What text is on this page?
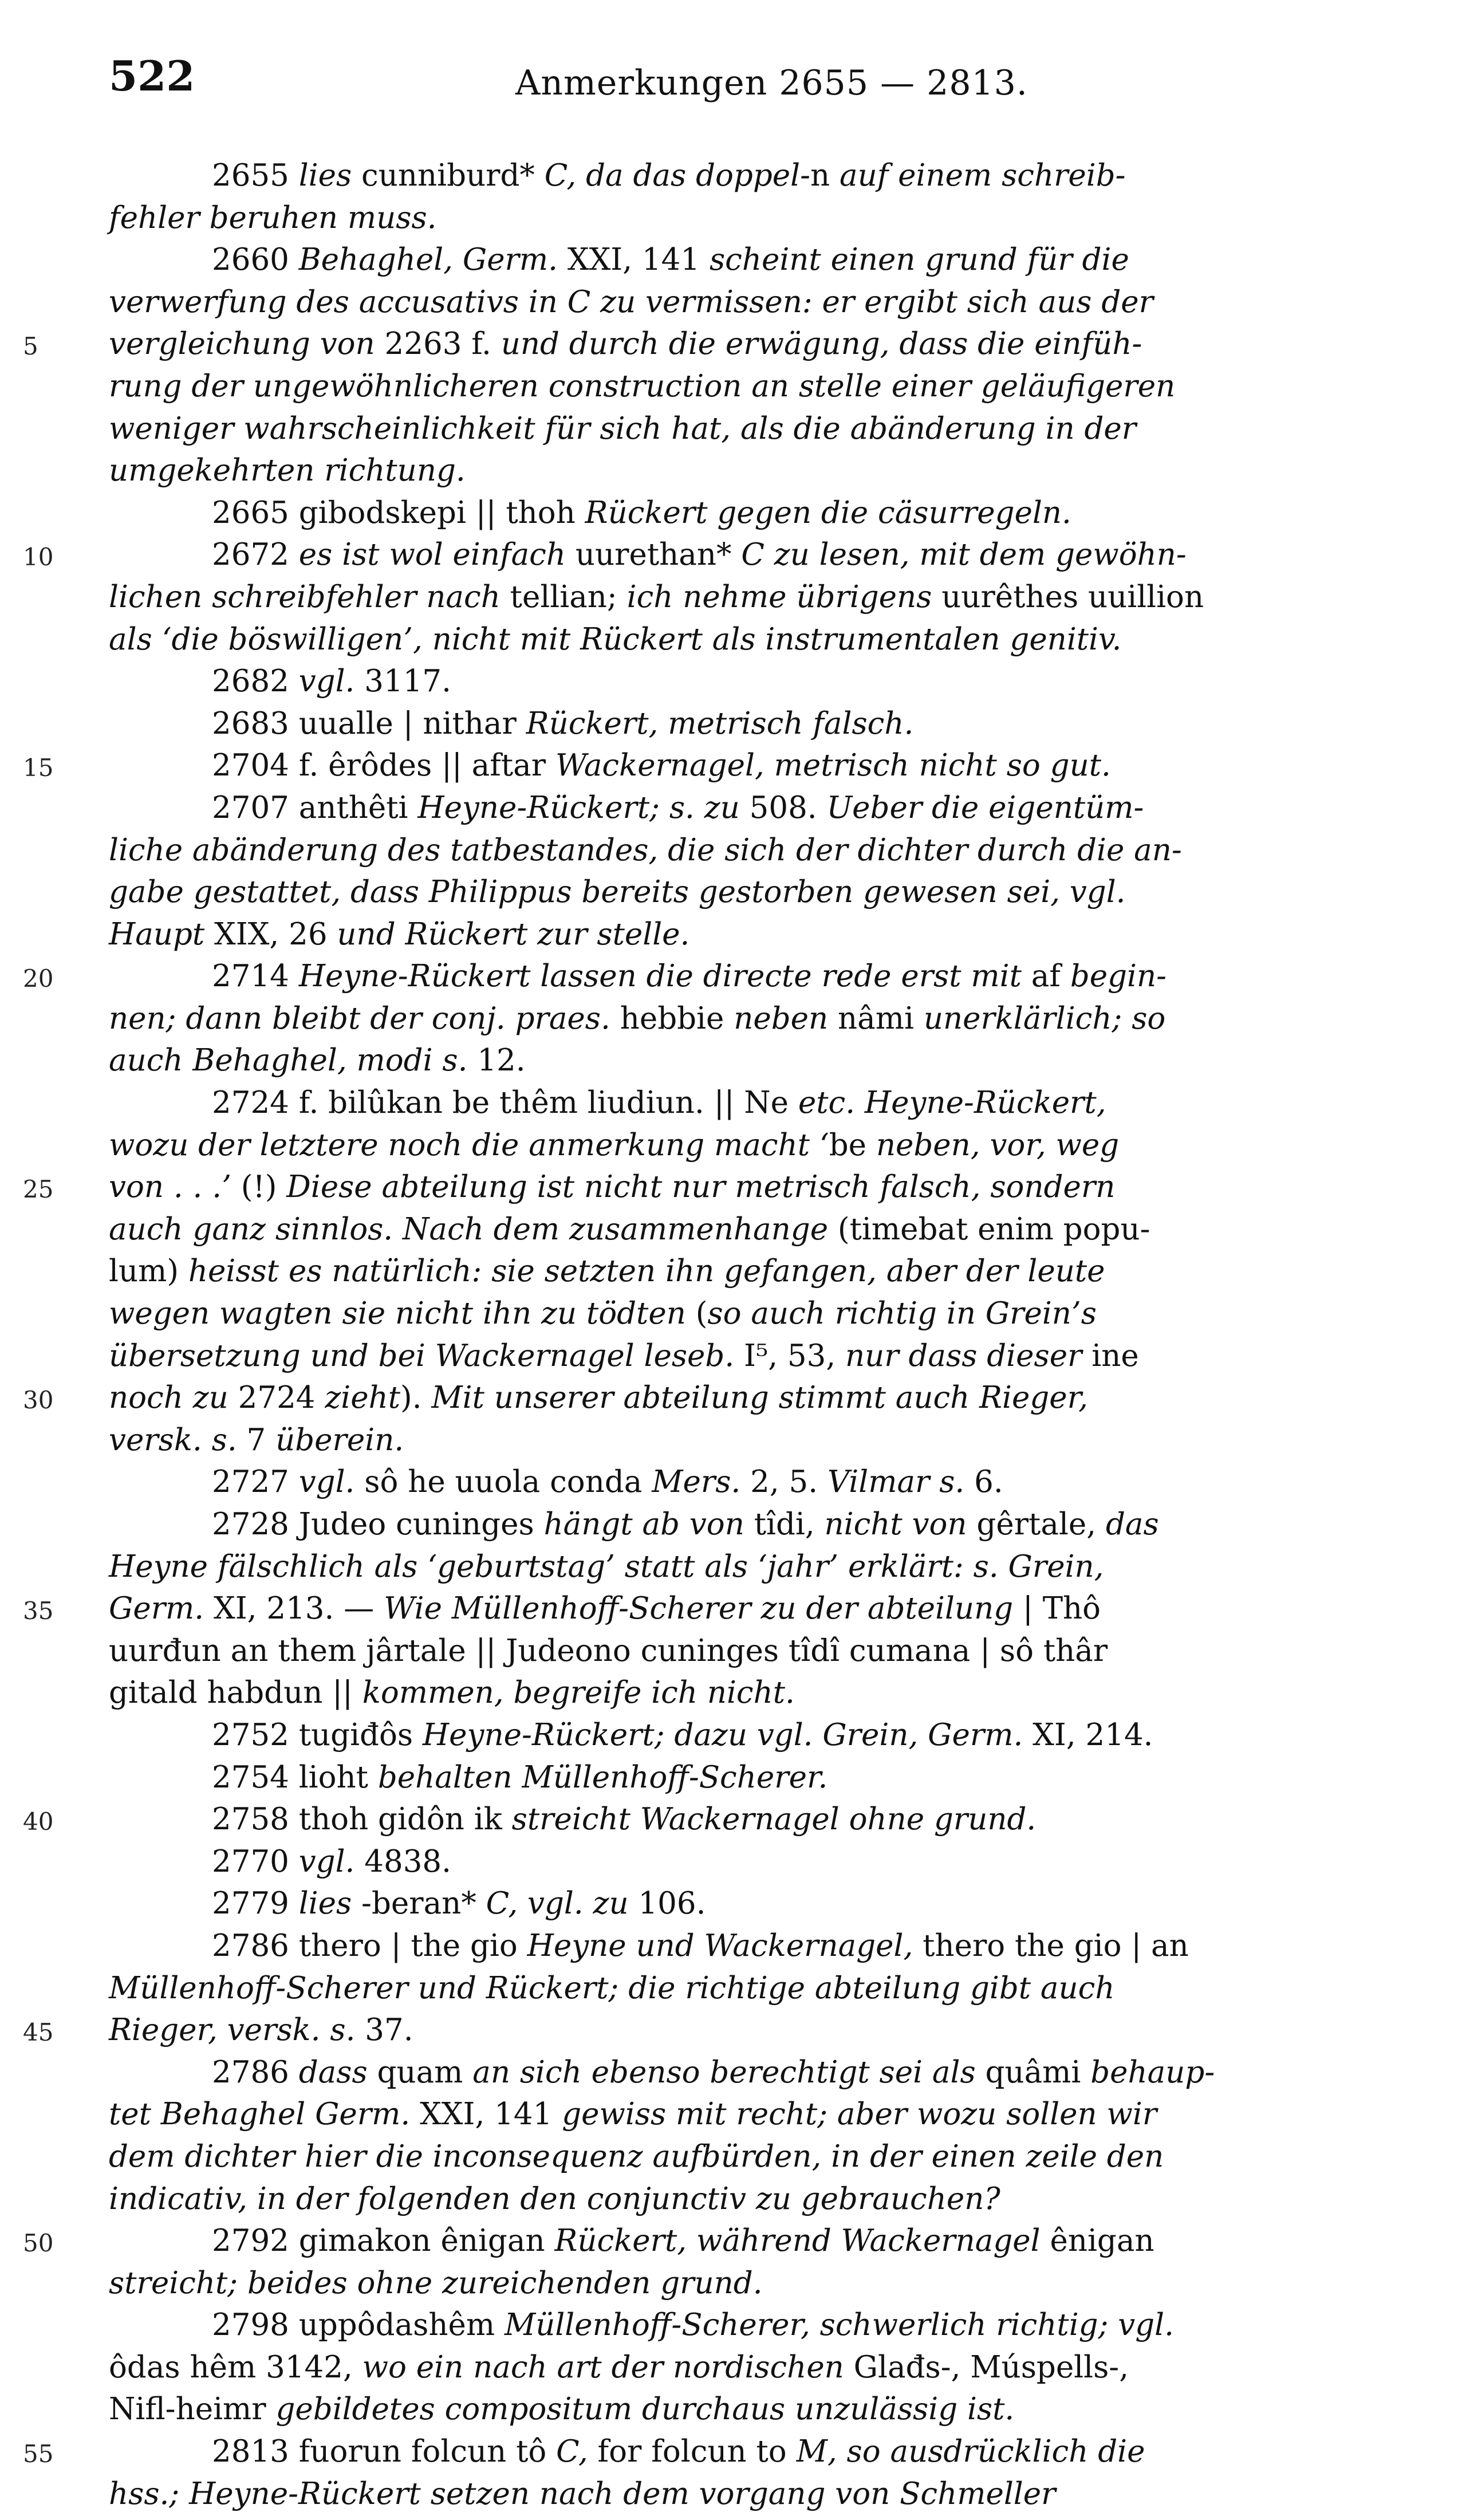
522	Anmerkungen 2655 — 2813.
2655 lies cunniburd* C, da das doppel-n auf einem schreib-
fehler beruhen muss.
2660 Behaghel, Germ. XXI, 141 scheint einen grund für die
verwerfung des accusativs in C zu vermissen: er ergibt sich aus der
5	vergleichung von 2263 f. und durch die erwägung, dass die einfüh-
rung der ungewöhnlicheren construction an stelle einer geläufigeren
weniger wahrscheinlichkeit für sich hat, als die abänderung in der
umgekehrten richtung.
2665 gibodskepi || thoh Rückert gegen die cäsurregeln.
10	2672 es ist wol einfach uurethan* C zu lesen, mit dem gewöhn-
lichen schreibfehler nach tellian; ich nehme übrigens uurêthes uuillion
als ‘die böswilligen’, nicht mit Rückert als instrumentalen genitiv.
2682 vgl. 3117.
2683 uualle | nithar Rückert, metrisch falsch.
15	2704 f. êrôdes || aftar Wackernagel, metrisch nicht so gut.
2707 anthêti Heyne-Rückert; s. zu 508. Ueber die eigentüm-
liche abänderung des tatbestandes, die sich der dichter durch die an-
gabe gestattet, dass Philippus bereits gestorben gewesen sei, vgl.
Haupt XIX, 26 und Rückert zur stelle.
20	2714 Heyne-Rückert lassen die directe rede erst mit af begin-
nen; dann bleibt der conj. praes. hebbie neben nâmi unerklärlich; so
auch Behaghel, modi s. 12.
2724 f. bilûkan be thêm liudiun. || Ne etc. Heyne-Rückert,
wozu der letztere noch die anmerkung macht ‘be neben, vor, weg
25	von . . .’ (!) Diese abteilung ist nicht nur metrisch falsch, sondern
auch ganz sinnlos. Nach dem zusammenhange (timebat enim popu-
lum) heisst es natürlich: sie setzten ihn gefangen, aber der leute
wegen wagten sie nicht ihn zu tödten (so auch richtig in Grein’s
übersetzung und bei Wackernagel leseb. I⁵, 53, nur dass dieser ine
30	noch zu 2724 zieht). Mit unserer abteilung stimmt auch Rieger,
versk. s. 7 überein.
2727 vgl. sô he uuola conda Mers. 2, 5. Vilmar s. 6.
2728 Judeo cuninges hängt ab von tîdi, nicht von gêrtale, das
Heyne fälschlich als ‘geburtstag’ statt als ‘jahr’ erklärt: s. Grein,
35	Germ. XI, 213. — Wie Müllenhoff-Scherer zu der abteilung | Thô
uurđun an them jârtale || Judeono cuninges tîdî cumana | sô thâr
gitald habdun || kommen, begreife ich nicht.
2752 tugiđôs Heyne-Rückert; dazu vgl. Grein, Germ. XI, 214.
2754 lioht behalten Müllenhoff-Scherer.
40	2758 thoh gidôn ik streicht Wackernagel ohne grund.
2770 vgl. 4838.
2779 lies -beran* C, vgl. zu 106.
2786 thero | the gio Heyne und Wackernagel, thero the gio | an
Müllenhoff-Scherer und Rückert; die richtige abteilung gibt auch
45	Rieger, versk. s. 37.
2786 dass quam an sich ebenso berechtigt sei als quâmi behaup-
tet Behaghel Germ. XXI, 141 gewiss mit recht; aber wozu sollen wir
dem dichter hier die inconsequenz aufbürden, in der einen zeile den
indicativ, in der folgenden den conjunctiv zu gebrauchen?
50	2792 gimakon ênigan Rückert, während Wackernagel ênigan
streicht; beides ohne zureichenden grund.
2798 uppôdashêm Müllenhoff-Scherer, schwerlich richtig; vgl.
ôdas hêm 3142, wo ein nach art der nordischen Glađs-, Múspells-,
Nifl-heimr gebildetes compositum durchaus unzulässig ist.
55	2813 fuorun folcun tô C, for folcun to M, so ausdrücklich die
hss.; Heyne-Rückert setzen nach dem vorgang von Schmeller
